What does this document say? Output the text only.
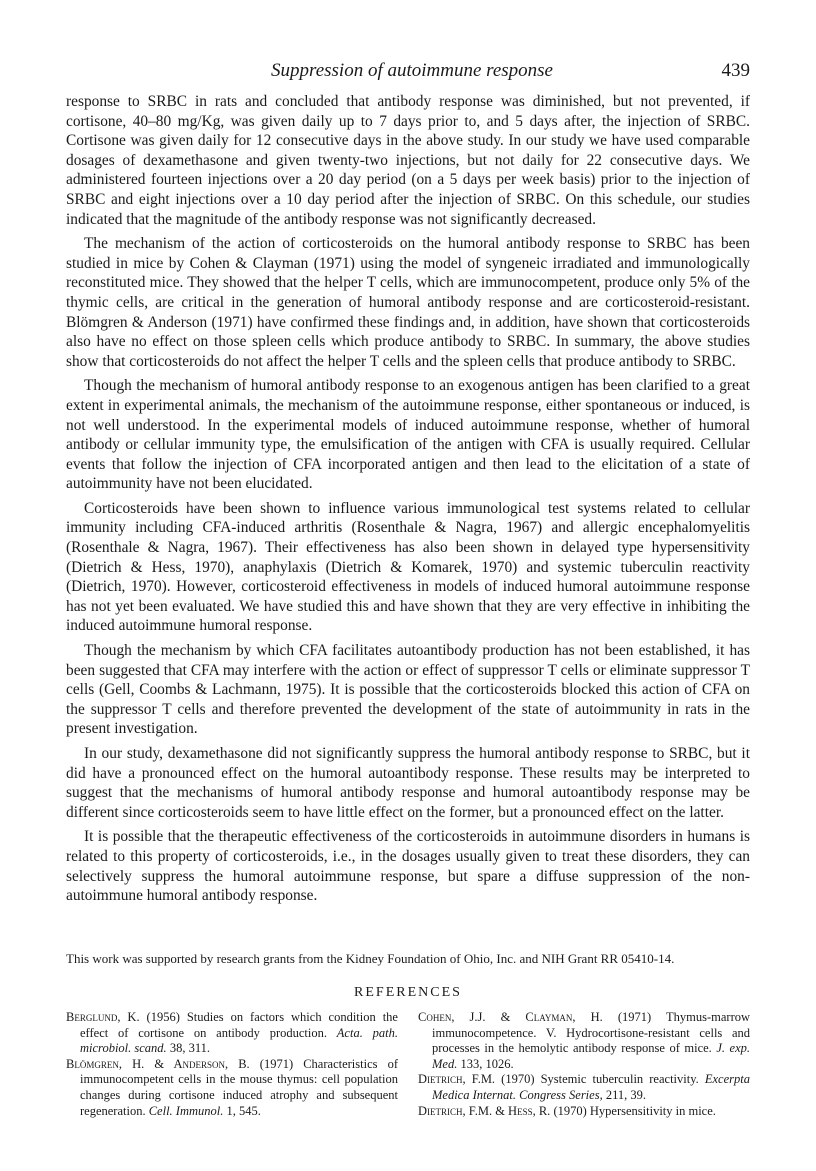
Suppression of autoimmune response	439

response to SRBC in rats and concluded that antibody response was diminished, but not prevented, if cortisone, 40–80 mg/Kg, was given daily up to 7 days prior to, and 5 days after, the injection of SRBC. Cortisone was given daily for 12 consecutive days in the above study. In our study we have used comparable dosages of dexamethasone and given twenty-two injections, but not daily for 22 consecutive days. We administered fourteen injections over a 20 day period (on a 5 days per week basis) prior to the injection of SRBC and eight injections over a 10 day period after the injection of SRBC. On this schedule, our studies indicated that the magnitude of the antibody response was not significantly decreased.

The mechanism of the action of corticosteroids on the humoral antibody response to SRBC has been studied in mice by Cohen & Clayman (1971) using the model of syngeneic irradiated and immunologically reconstituted mice. They showed that the helper T cells, which are immunocompetent, produce only 5% of the thymic cells, are critical in the generation of humoral antibody response and are corticosteroid-resistant. Blömgren & Anderson (1971) have confirmed these findings and, in addition, have shown that corticosteroids also have no effect on those spleen cells which produce antibody to SRBC. In summary, the above studies show that corticosteroids do not affect the helper T cells and the spleen cells that produce antibody to SRBC.

Though the mechanism of humoral antibody response to an exogenous antigen has been clarified to a great extent in experimental animals, the mechanism of the autoimmune response, either spontaneous or induced, is not well understood. In the experimental models of induced autoimmune response, whether of humoral antibody or cellular immunity type, the emulsification of the antigen with CFA is usually required. Cellular events that follow the injection of CFA incorporated antigen and then lead to the elicitation of a state of autoimmunity have not been elucidated.

Corticosteroids have been shown to influence various immunological test systems related to cellular immunity including CFA-induced arthritis (Rosenthale & Nagra, 1967) and allergic encephalomyelitis (Rosenthale & Nagra, 1967). Their effectiveness has also been shown in delayed type hypersensitivity (Dietrich & Hess, 1970), anaphylaxis (Dietrich & Komarek, 1970) and systemic tuberculin reactivity (Dietrich, 1970). However, corticosteroid effectiveness in models of induced humoral autoimmune response has not yet been evaluated. We have studied this and have shown that they are very effective in inhibiting the induced autoimmune humoral response.

Though the mechanism by which CFA facilitates autoantibody production has not been established, it has been suggested that CFA may interfere with the action or effect of suppressor T cells or eliminate suppressor T cells (Gell, Coombs & Lachmann, 1975). It is possible that the corticosteroids blocked this action of CFA on the suppressor T cells and therefore prevented the development of the state of autoimmunity in rats in the present investigation.

In our study, dexamethasone did not significantly suppress the humoral antibody response to SRBC, but it did have a pronounced effect on the humoral autoantibody response. These results may be interpreted to suggest that the mechanisms of humoral antibody response and humoral autoantibody response may be different since corticosteroids seem to have little effect on the former, but a pronounced effect on the latter.

It is possible that the therapeutic effectiveness of the corticosteroids in autoimmune disorders in humans is related to this property of corticosteroids, i.e., in the dosages usually given to treat these disorders, they can selectively suppress the humoral autoimmune response, but spare a diffuse suppression of the non-autoimmune humoral antibody response.

This work was supported by research grants from the Kidney Foundation of Ohio, Inc. and NIH Grant RR 05410-14.
REFERENCES
Berglund, K. (1956) Studies on factors which condition the effect of cortisone on antibody production. Acta. path. microbiol. scand. 38, 311.
Blömgren, H. & Anderson, B. (1971) Characteristics of immunocompetent cells in the mouse thymus: cell population changes during cortisone induced atrophy and subsequent regeneration. Cell. Immunol. 1, 545.
Cohen, J.J. & Clayman, H. (1971) Thymus-marrow immunocompetence. V. Hydrocortisone-resistant cells and processes in the hemolytic antibody response of mice. J. exp. Med. 133, 1026.
Dietrich, F.M. (1970) Systemic tuberculin reactivity. Excerpta Medica Internat. Congress Series, 211, 39.
Dietrich, F.M. & Hess, R. (1970) Hypersensitivity in mice.
